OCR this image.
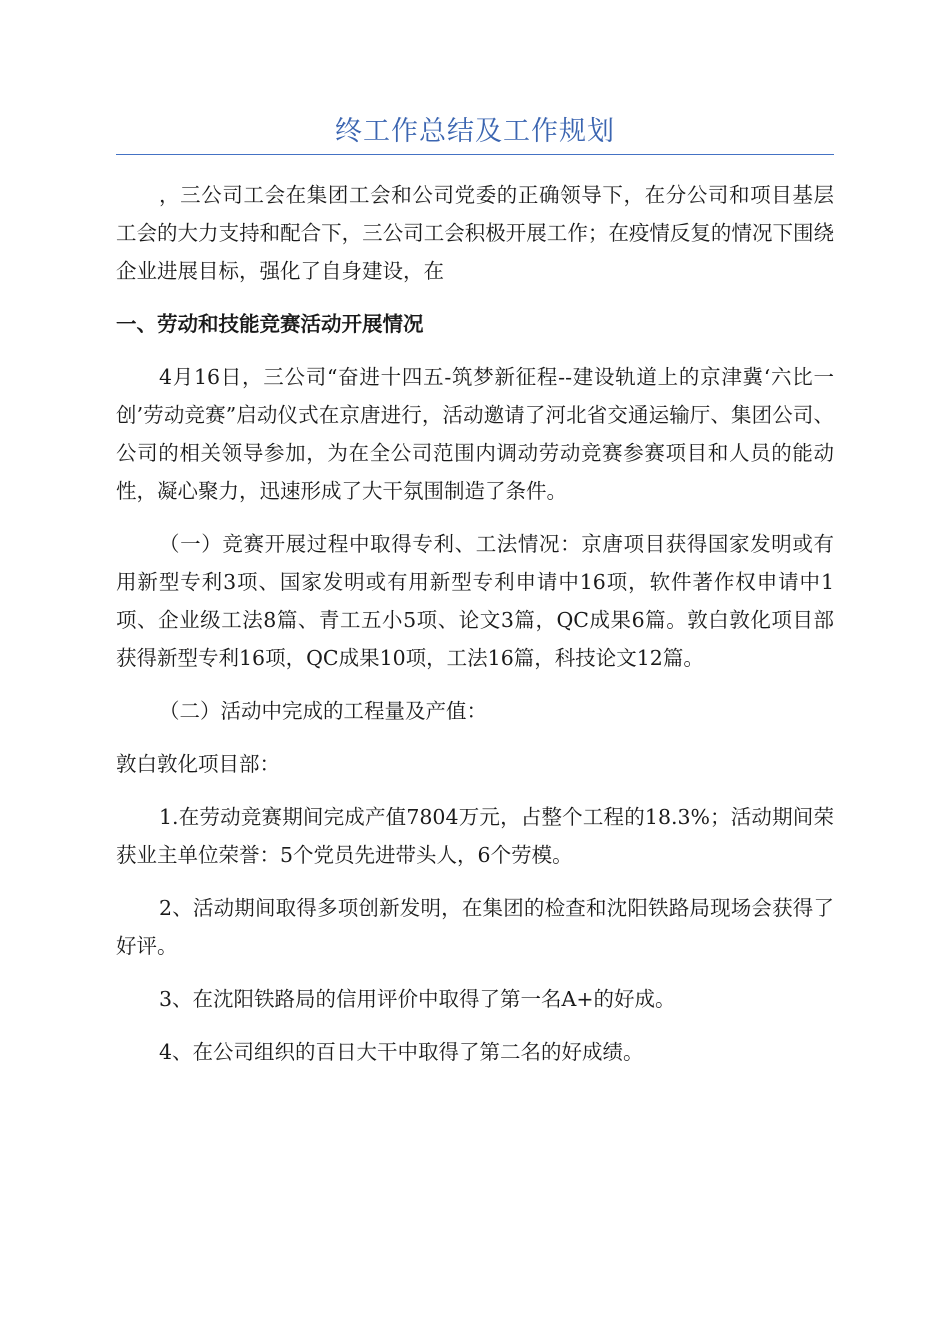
终工作总结及工作规划

，三公司工会在集团工会和公司党委的正确领导下，在分公司和项目基层工会的大力支持和配合下，三公司工会积极开展工作；在疫情反复的情况下围绕企业进展目标，强化了自身建设，在

一、劳动和技能竞赛活动开展情况

4月16日，三公司“奋进十四五-筑梦新征程--建设轨道上的京津冀‘六比一创’劳动竞赛”启动仪式在京唐进行，活动邀请了河北省交通运输厅、集团公司、公司的相关领导参加，为在全公司范围内调动劳动竞赛参赛项目和人员的能动性，凝心聚力，迅速形成了大干氛围制造了条件。

（一）竞赛开展过程中取得专利、工法情况：京唐项目获得国家发明或有用新型专利3项、国家发明或有用新型专利申请中16项，软件著作权申请中1项、企业级工法8篇、青工五小5项、论文3篇，QC成果6篇。敦白敦化项目部获得新型专利16项，QC成果10项，工法16篇，科技论文12篇。

（二）活动中完成的工程量及产值：

敦白敦化项目部：

1.在劳动竞赛期间完成产值7804万元，占整个工程的18.3%；活动期间荣获业主单位荣誉：5个党员先进带头人，6个劳模。

2、活动期间取得多项创新发明，在集团的检查和沈阳铁路局现场会获得了好评。

3、在沈阳铁路局的信用评价中取得了第一名A+的好成。

4、在公司组织的百日大干中取得了第二名的好成绩。
